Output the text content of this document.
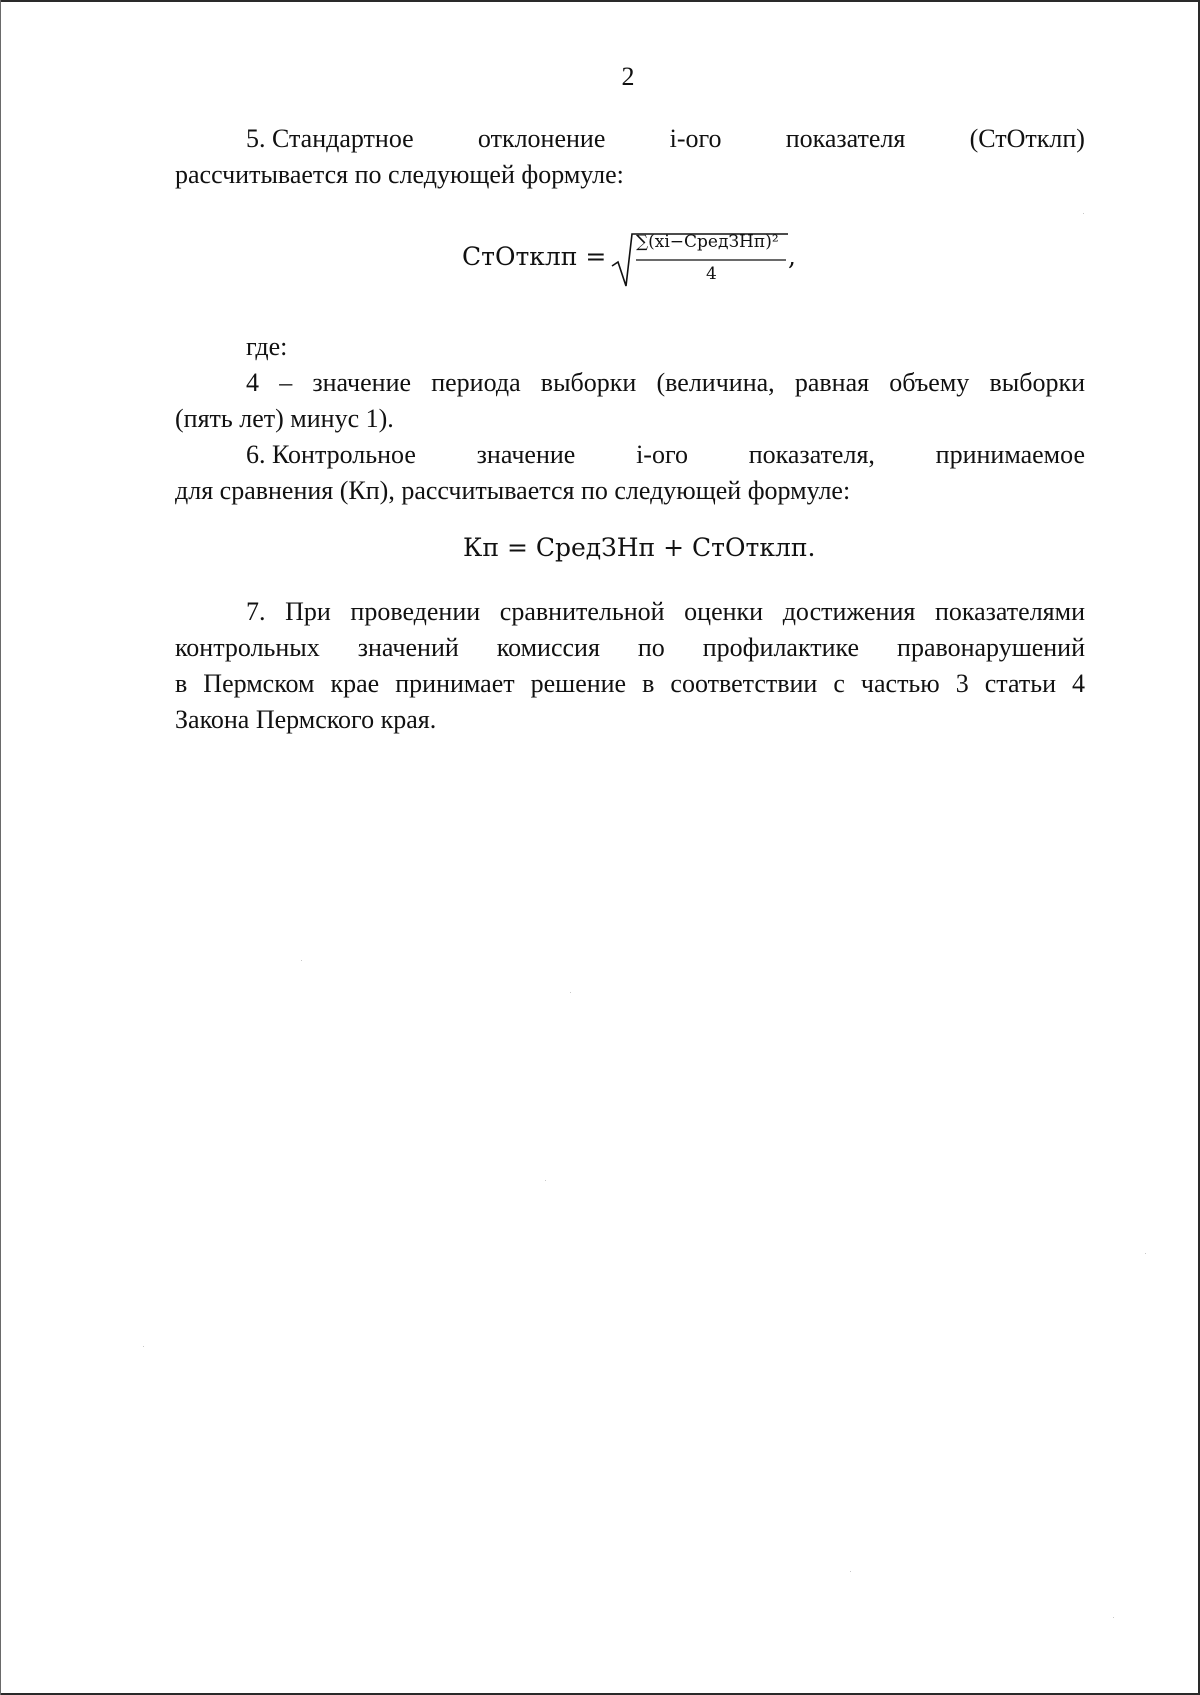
2
5. Стандартное отклонение i-ого показателя (СтОтклп)
рассчитывается по следующей формуле:
СтОтклп = ∑(xi−СредЗНп)²
4
,
где:
4 – значение периода выборки (величина, равная объему выборки
(пять лет) минус 1).
6. Контрольное значение i-ого показателя, принимаемое
для сравнения (Кп), рассчитывается по следующей формуле:
Кп = СредЗНп + СтОтклп.
7. При проведении сравнительной оценки достижения показателями
контрольных значений комиссия по профилактике правонарушений
в Пермском крае принимает решение в соответствии с частью 3 статьи 4
Закона Пермского края.
